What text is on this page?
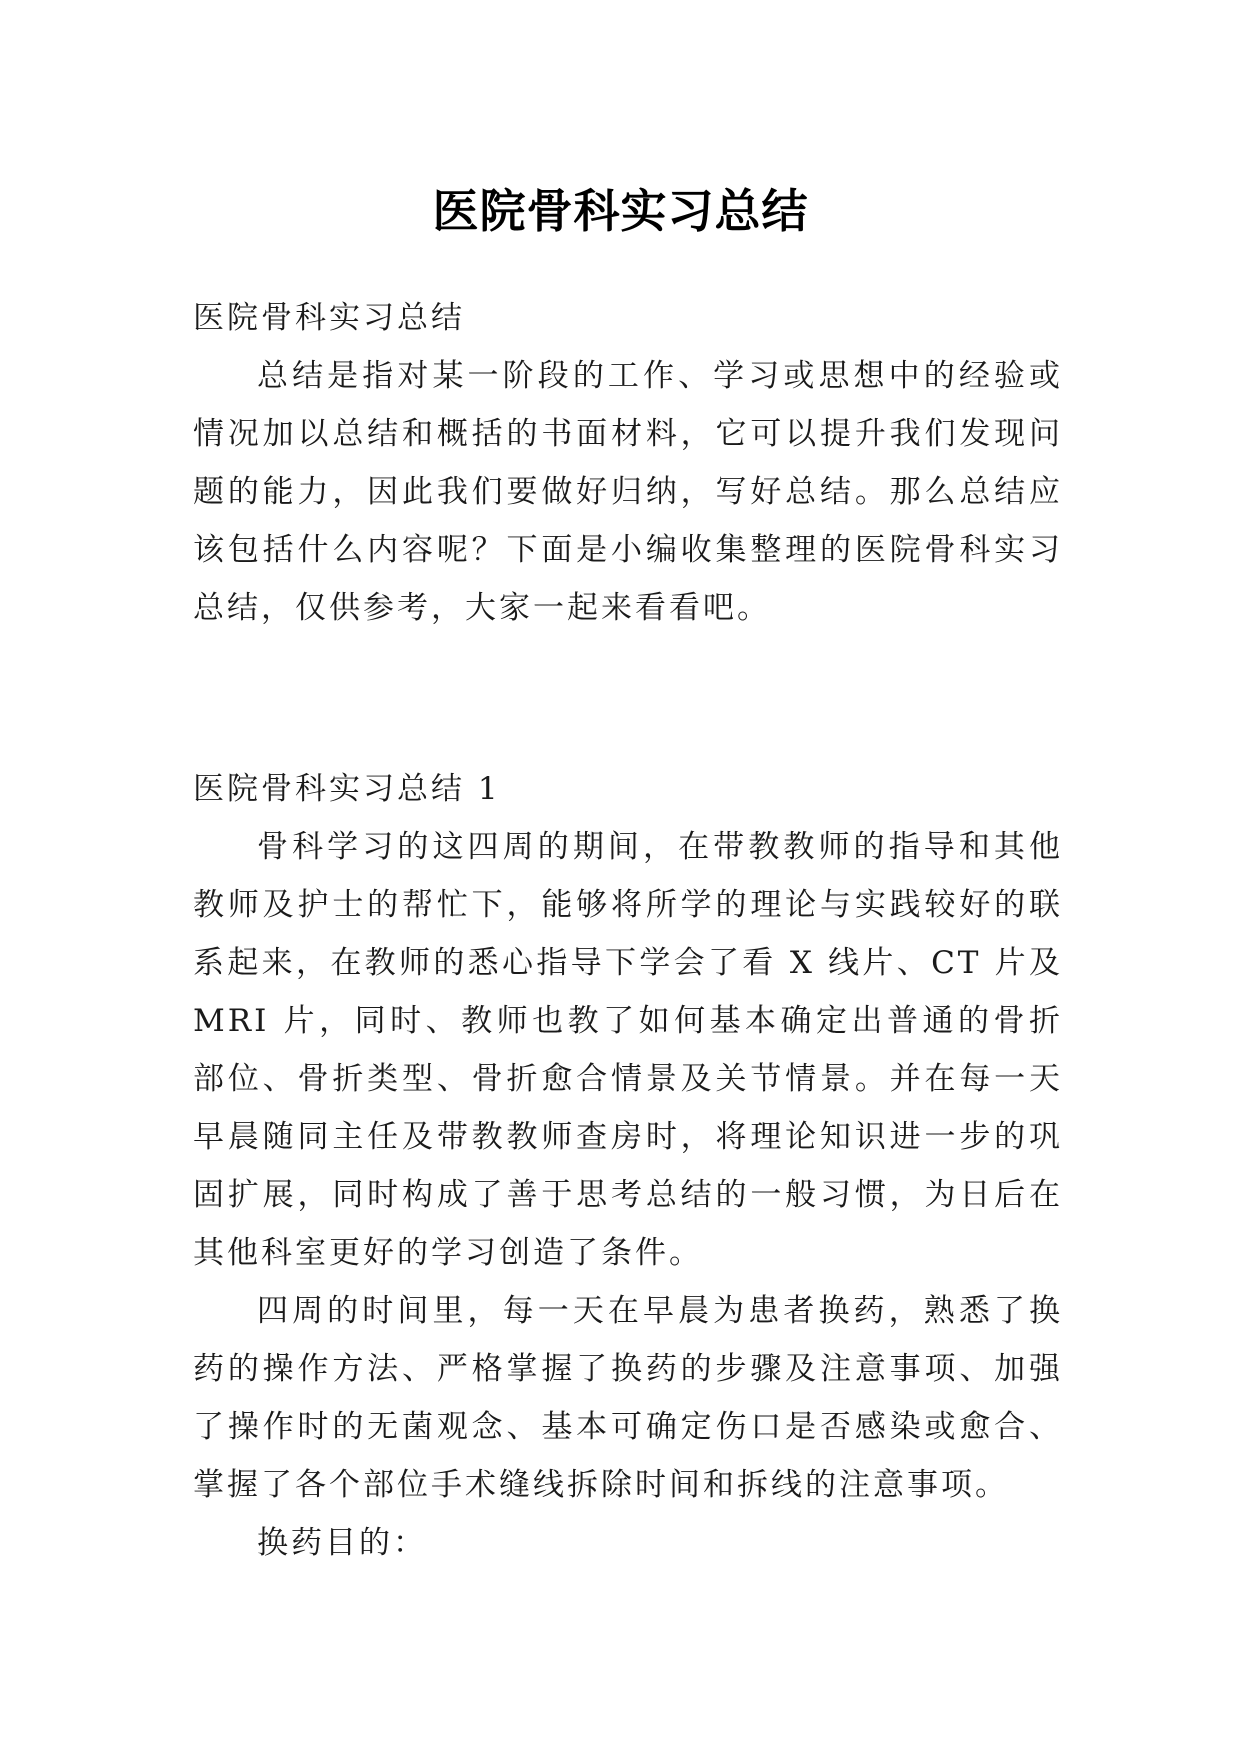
医院骨科实习总结

医院骨科实习总结

总结是指对某一阶段的工作、学习或思想中的经验或情况加以总结和概括的书面材料，它可以提升我们发现问题的能力，因此我们要做好归纳，写好总结。那么总结应该包括什么内容呢？下面是小编收集整理的医院骨科实习总结，仅供参考，大家一起来看看吧。

医院骨科实习总结 1

骨科学习的这四周的期间，在带教教师的指导和其他教师及护士的帮忙下，能够将所学的理论与实践较好的联系起来，在教师的悉心指导下学会了看 X 线片、CT 片及 MRI 片，同时、教师也教了如何基本确定出普通的骨折部位、骨折类型、骨折愈合情景及关节情景。并在每一天早晨随同主任及带教教师查房时，将理论知识进一步的巩固扩展，同时构成了善于思考总结的一般习惯，为日后在其他科室更好的学习创造了条件。

四周的时间里，每一天在早晨为患者换药，熟悉了换药的操作方法、严格掌握了换药的步骤及注意事项、加强了操作时的无菌观念、基本可确定伤口是否感染或愈合、掌握了各个部位手术缝线拆除时间和拆线的注意事项。

换药目的：
